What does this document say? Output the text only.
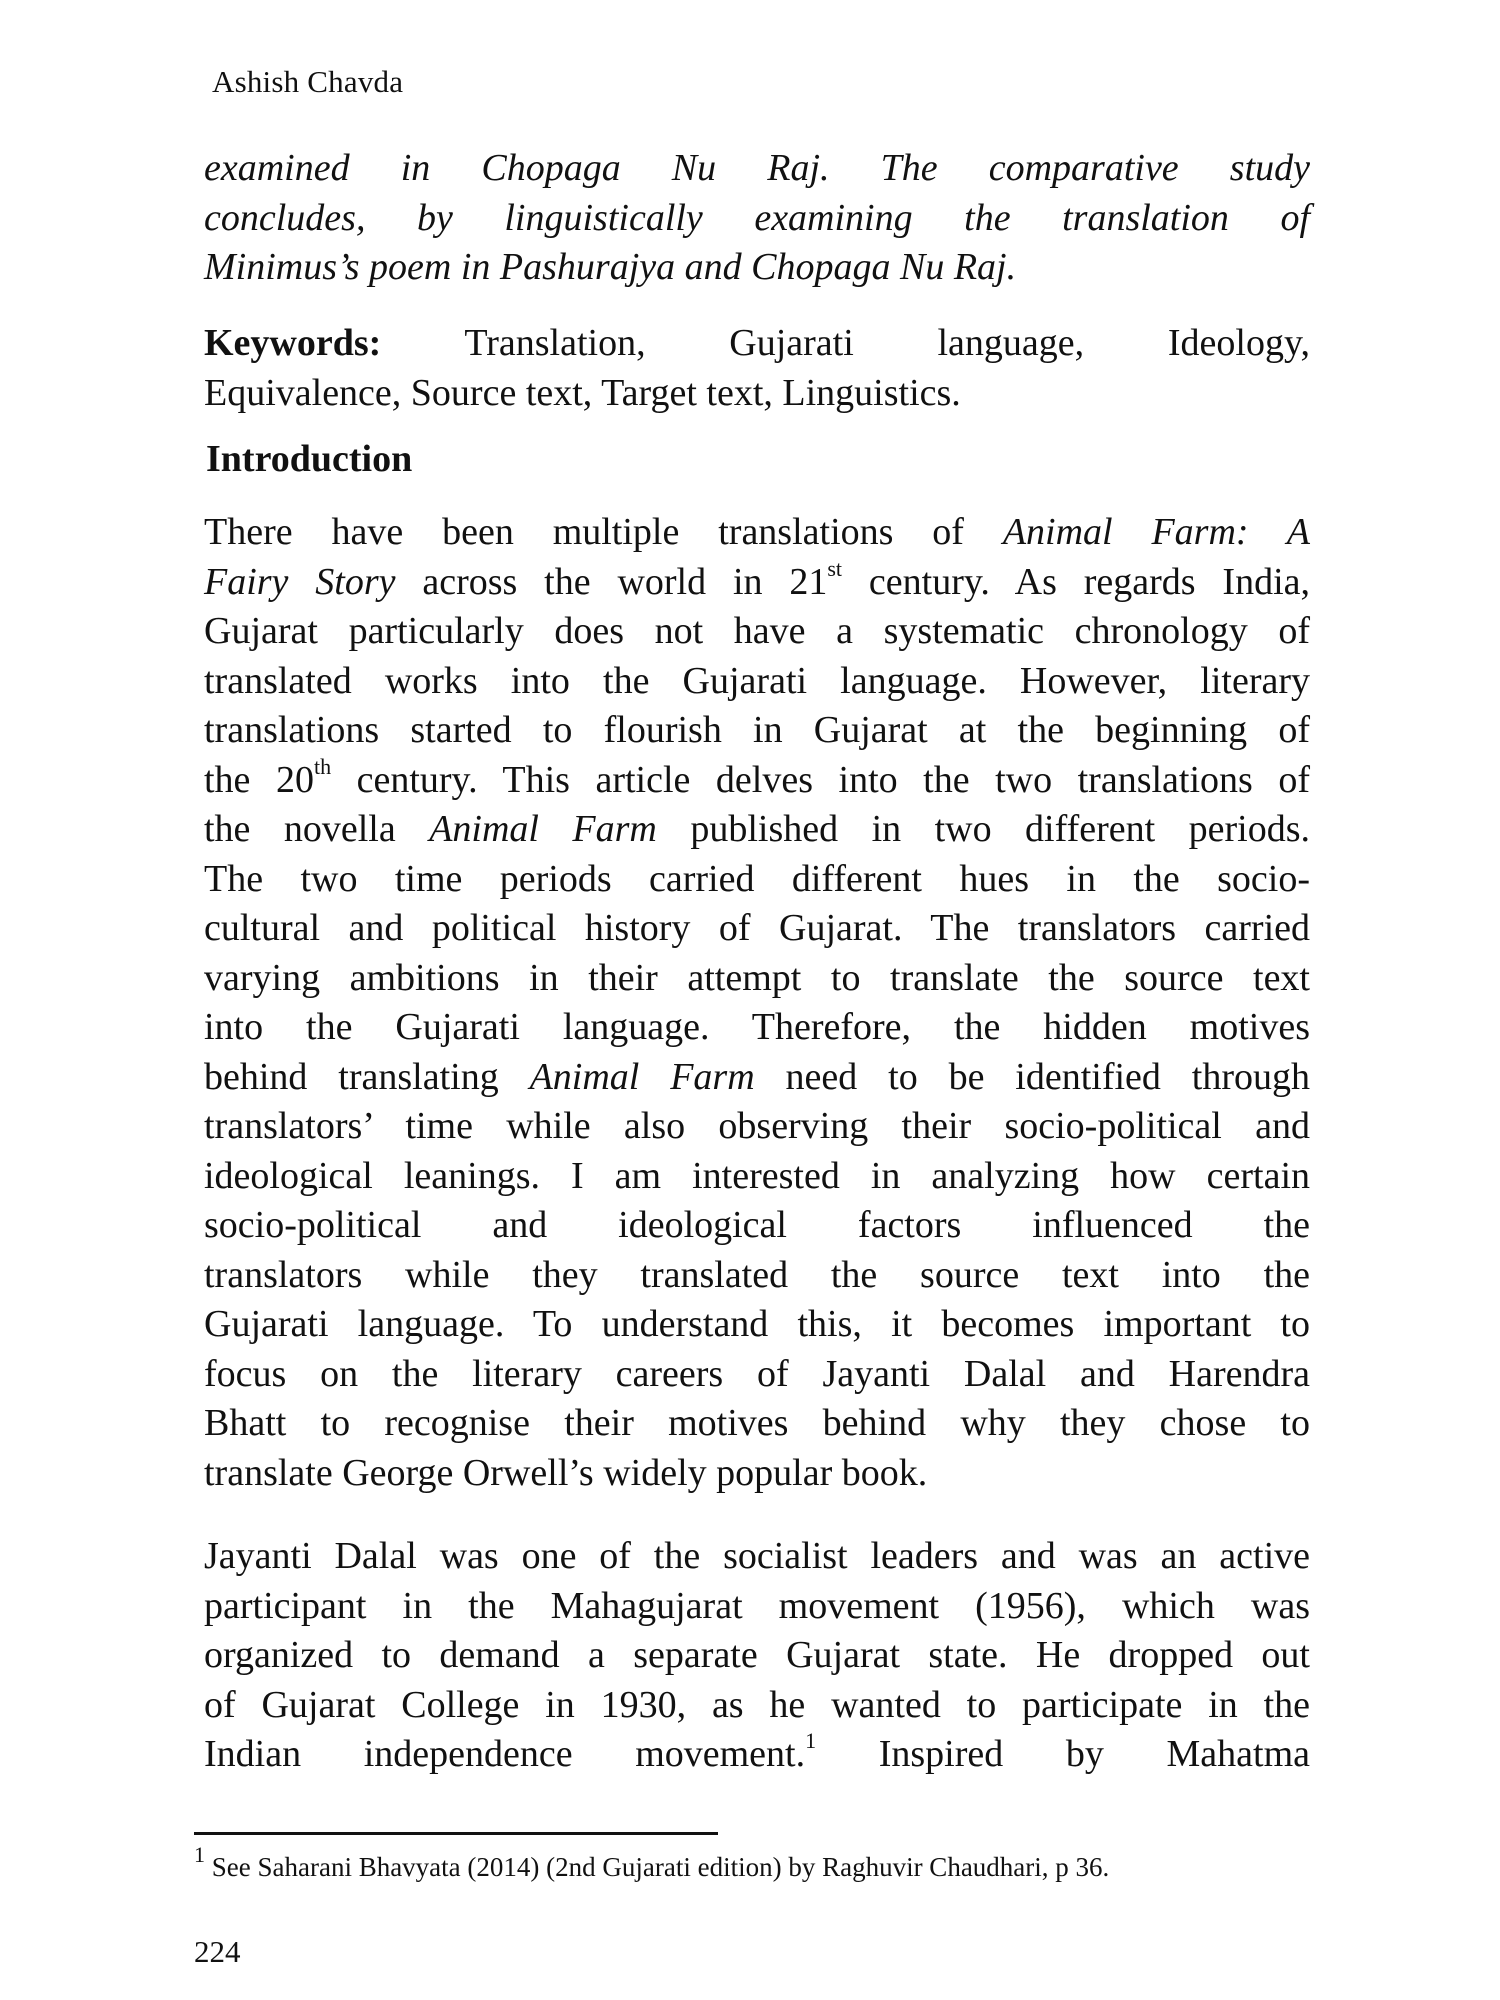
Ashish Chavda
examined in Chopaga Nu Raj. The comparative study
concludes, by linguistically examining the translation of
Minimus’s poem in Pashurajya and Chopaga Nu Raj.
Keywords: Translation, Gujarati language, Ideology,
Equivalence, Source text, Target text, Linguistics.
Introduction
There have been multiple translations of Animal Farm: A
Fairy Story across the world in 21st century. As regards India,
Gujarat particularly does not have a systematic chronology of
translated works into the Gujarati language. However, literary
translations started to flourish in Gujarat at the beginning of
the 20th century. This article delves into the two translations of
the novella Animal Farm published in two different periods.
The two time periods carried different hues in the socio-
cultural and political history of Gujarat. The translators carried
varying ambitions in their attempt to translate the source text
into the Gujarati language. Therefore, the hidden motives
behind translating Animal Farm need to be identified through
translators’ time while also observing their socio-political and
ideological leanings. I am interested in analyzing how certain
socio-political and ideological factors influenced the
translators while they translated the source text into the
Gujarati language. To understand this, it becomes important to
focus on the literary careers of Jayanti Dalal and Harendra
Bhatt to recognise their motives behind why they chose to
translate George Orwell’s widely popular book.
Jayanti Dalal was one of the socialist leaders and was an active
participant in the Mahagujarat movement (1956), which was
organized to demand a separate Gujarat state. He dropped out
of Gujarat College in 1930, as he wanted to participate in the
Indian independence movement.$^1$ Inspired by Mahatma
$^1$ See Saharani Bhavyata (2014) (2nd Gujarati edition) by Raghuvir Chaudhari, p 36.
224
